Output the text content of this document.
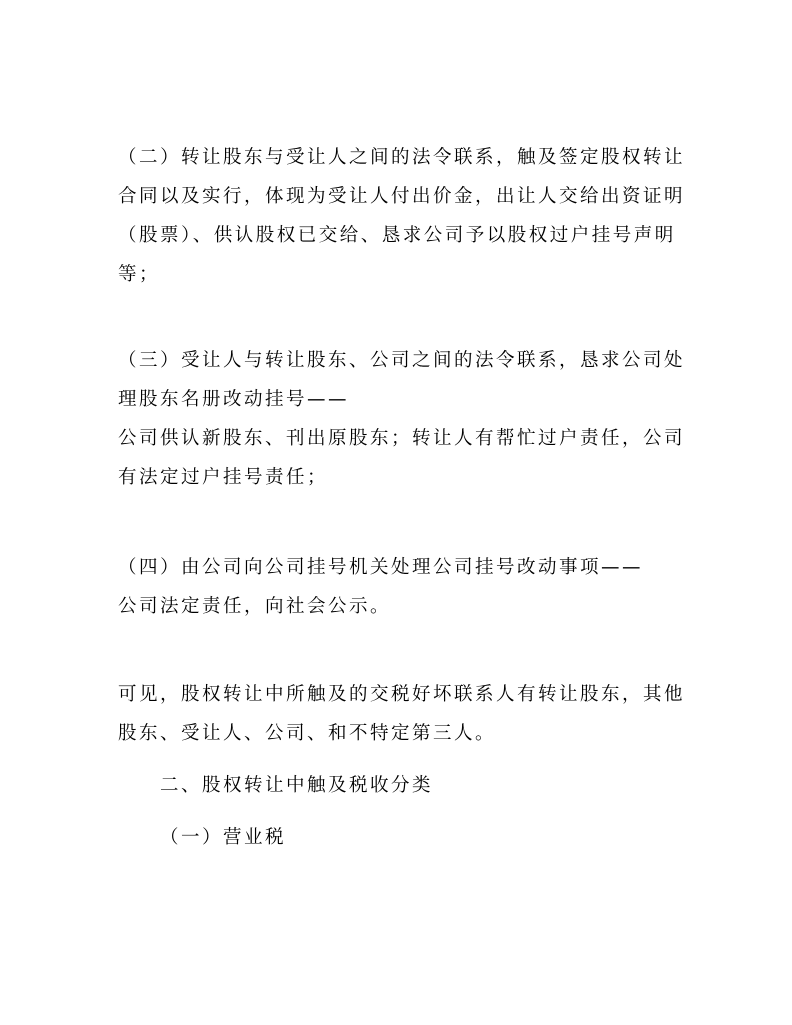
（二）转让股东与受让人之间的法令联系，触及签定股权转让
合同以及实行，体现为受让人付出价金，出让人交给出资证明
（股票）、供认股权已交给、恳求公司予以股权过户挂号声明
等；
（三）受让人与转让股东、公司之间的法令联系，恳求公司处
理股东名册改动挂号——
公司供认新股东、刊出原股东；转让人有帮忙过户责任，公司
有法定过户挂号责任；
（四）由公司向公司挂号机关处理公司挂号改动事项——
公司法定责任，向社会公示。
可见，股权转让中所触及的交税好坏联系人有转让股东，其他
股东、受让人、公司、和不特定第三人。
二、股权转让中触及税收分类
（一）营业税
